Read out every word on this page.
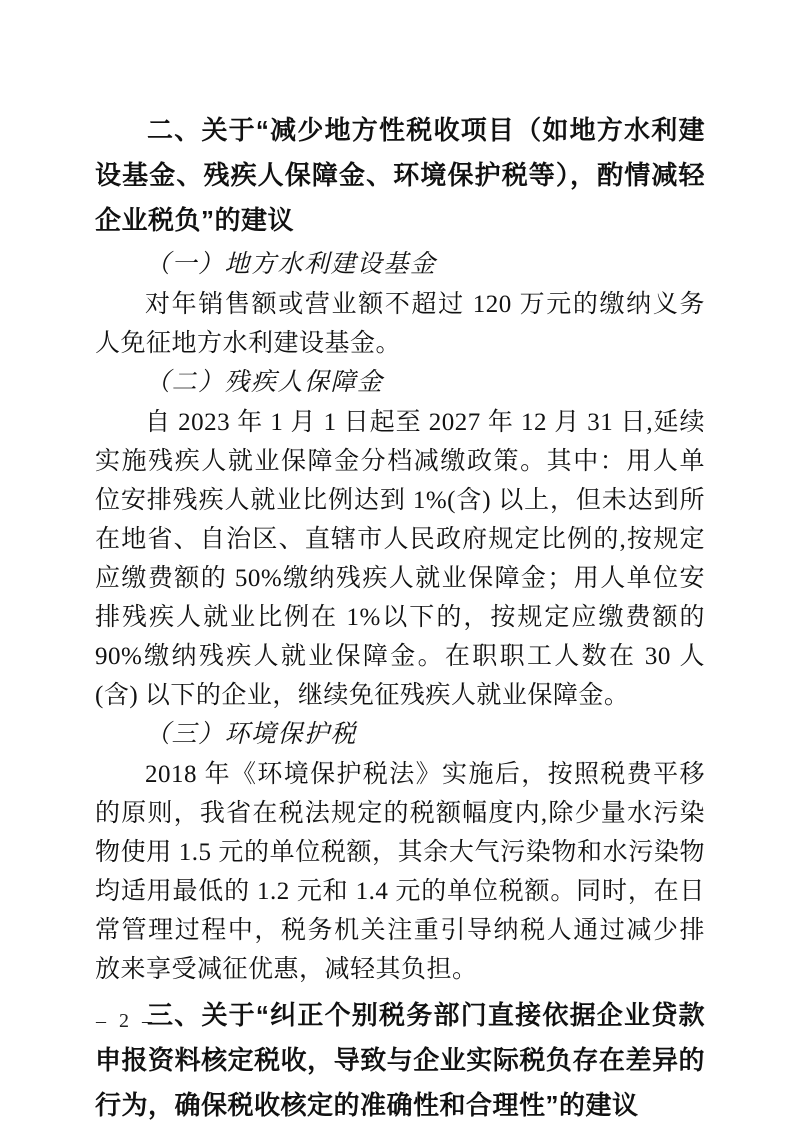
二、关于“减少地方性税收项目（如地方水利建设基金、残疾人保障金、环境保护税等），酌情减轻企业税负”的建议
（一）地方水利建设基金

对年销售额或营业额不超过 120 万元的缴纳义务人免征地方水利建设基金。

（二）残疾人保障金

自 2023 年 1 月 1 日起至 2027 年 12 月 31 日,延续实施残疾人就业保障金分档减缴政策。其中：用人单位安排残疾人就业比例达到 1%(含) 以上，但未达到所在地省、自治区、直辖市人民政府规定比例的,按规定应缴费额的 50%缴纳残疾人就业保障金；用人单位安排残疾人就业比例在 1%以下的，按规定应缴费额的 90%缴纳残疾人就业保障金。在职职工人数在 30 人(含) 以下的企业，继续免征残疾人就业保障金。

（三）环境保护税

2018 年《环境保护税法》实施后，按照税费平移的原则，我省在税法规定的税额幅度内,除少量水污染物使用 1.5 元的单位税额，其余大气污染物和水污染物均适用最低的 1.2 元和 1.4 元的单位税额。同时，在日常管理过程中，税务机关注重引导纳税人通过减少排放来享受减征优惠，减轻其负担。

三、关于“纠正个别税务部门直接依据企业贷款申报资料核定税收，导致与企业实际税负存在差异的行为，确保税收核定的准确性和合理性”的建议
– 2 –
